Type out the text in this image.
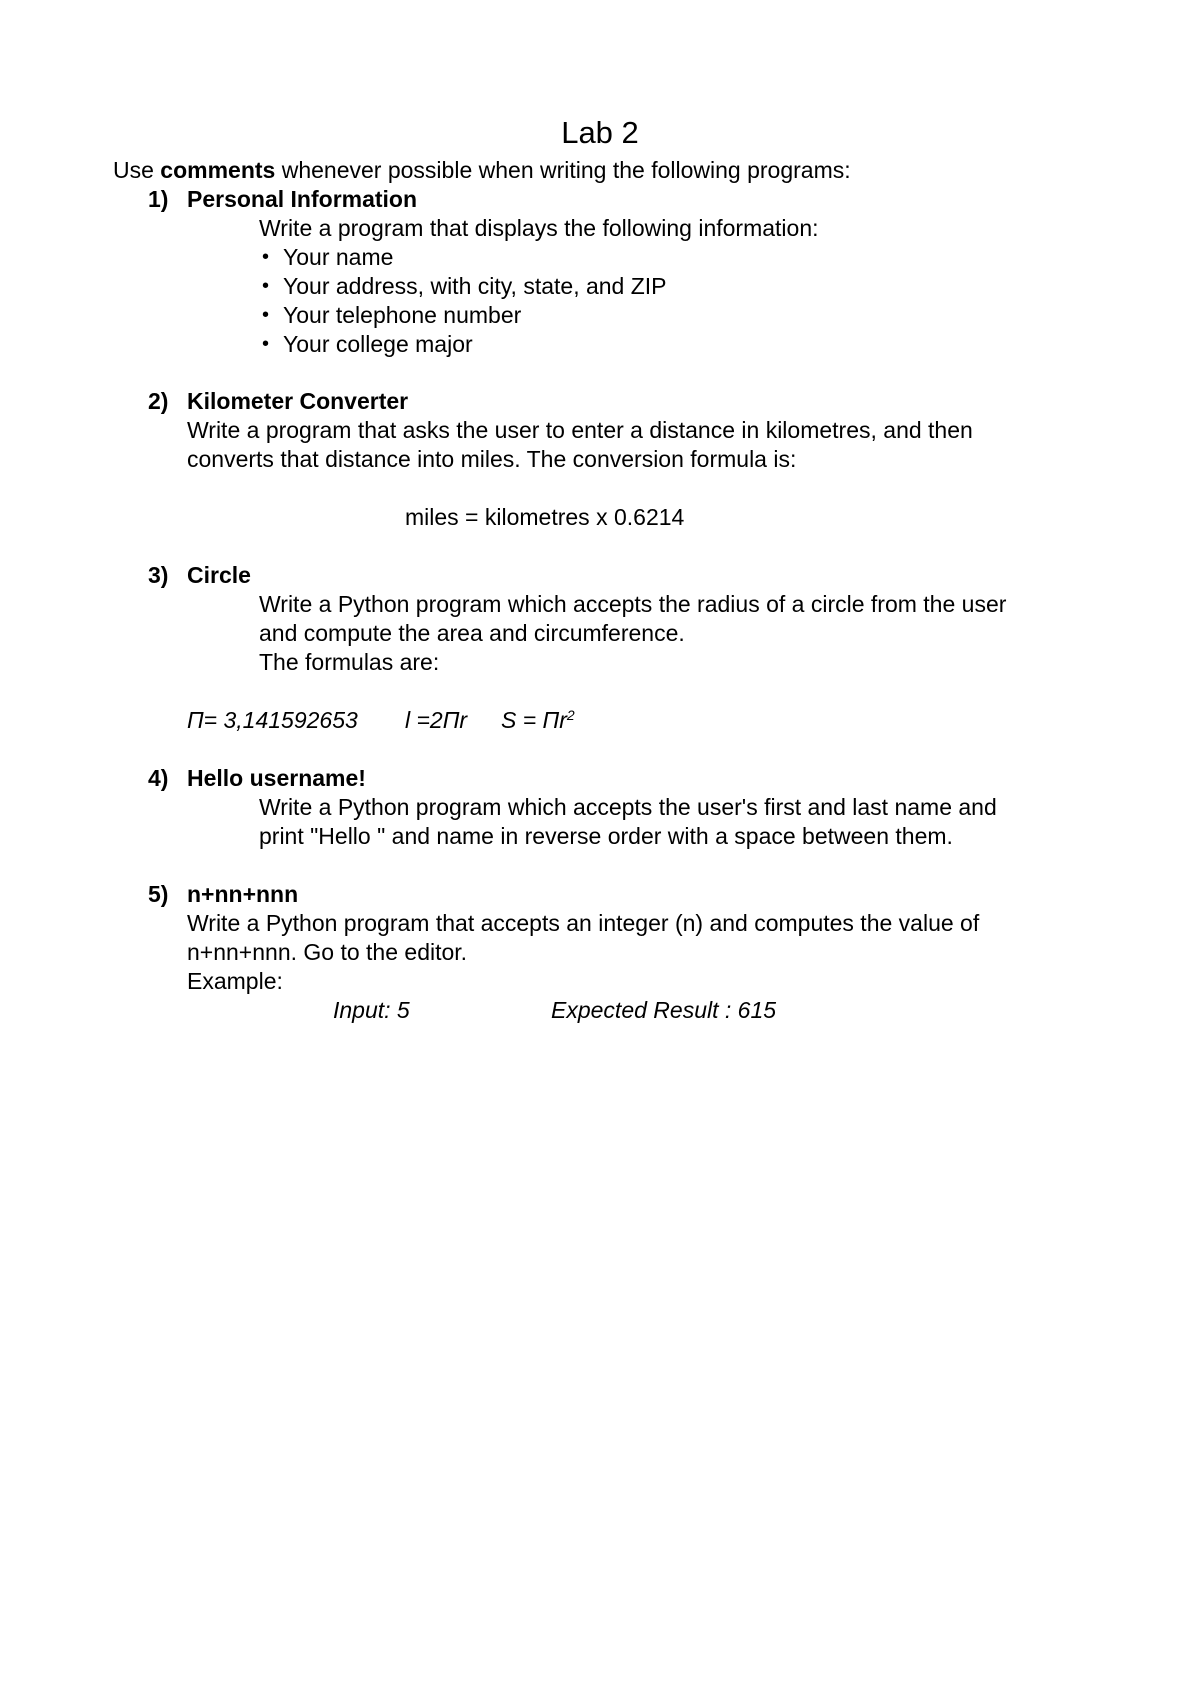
Lab 2
Use comments whenever possible when writing the following programs:
1) Personal Information
Write a program that displays the following information:
• Your name
• Your address, with city, state, and ZIP
• Your telephone number
• Your college major
2) Kilometer Converter
Write a program that asks the user to enter a distance in kilometres, and then
converts that distance into miles. The conversion formula is:
miles = kilometres x 0.6214
3) Circle
Write a Python program which accepts the radius of a circle from the user
and compute the area and circumference.
The formulas are:
П= 3,141592653 l =2Пr $S = Пr^2$
4) Hello username!
Write a Python program which accepts the user's first and last name and
print "Hello " and name in reverse order with a space between them.
5) n+nn+nnn
Write a Python program that accepts an integer (n) and computes the value of
n+nn+nnn. Go to the editor.
Example:
Input: 5	Expected Result : 615
